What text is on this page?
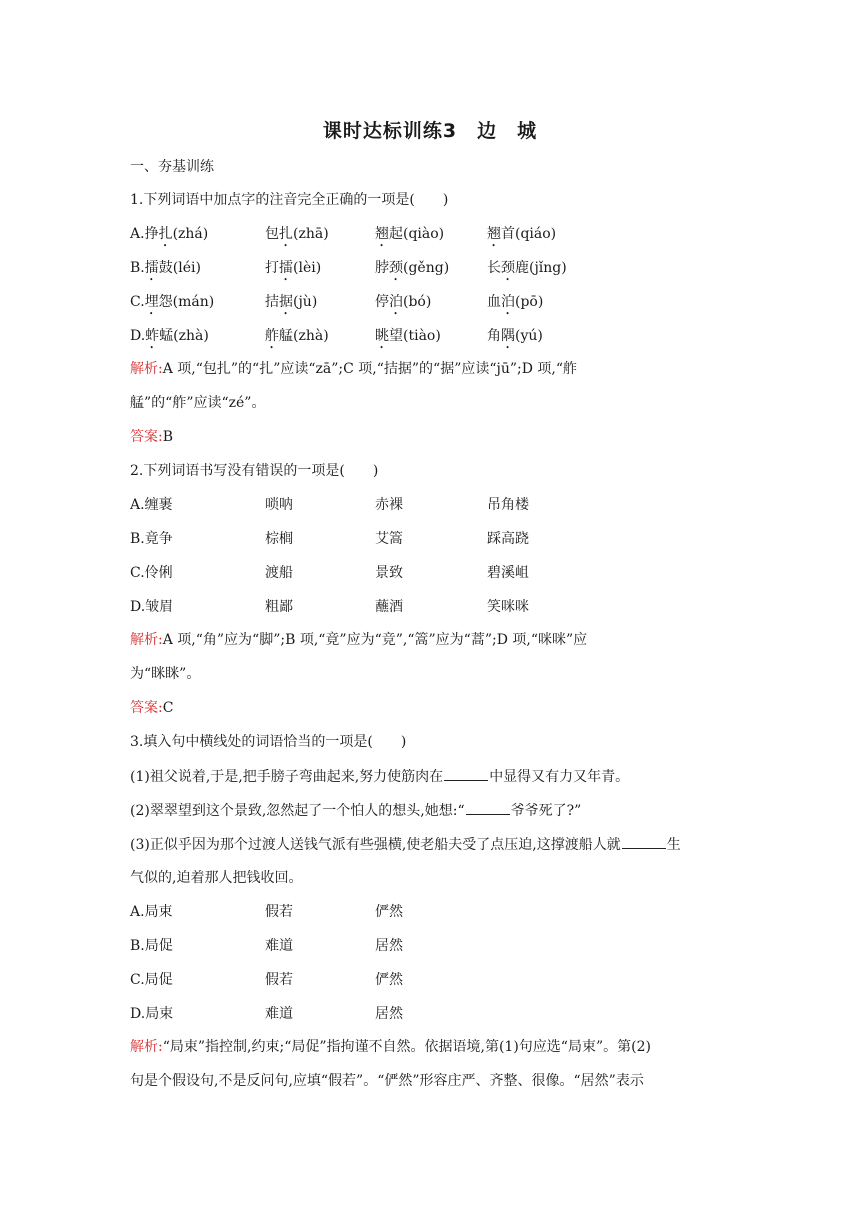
课时达标训练3　边　城
一、夯基训练
1.下列词语中加点字的注音完全正确的一项是(　　)
A.挣扎(zhá)	包扎(zhā)	翘起(qiào)	翘首(qiáo)
B.擂鼓(léi)	打擂(lèi)	脖颈(gěng)	长颈鹿(jǐng)
C.埋怨(mán)	拮据(jù)	停泊(bó)	血泊(pō)
D.蚱蜢(zhà)	舴艋(zhà)	眺望(tiào)	角隅(yú)
解析:A 项,“包扎”的“扎”应读“zā”;C 项,“拮据”的“据”应读“jū”;D 项,“舴
艋”的“舴”应读“zé”。
答案:B
2.下列词语书写没有错误的一项是(　　)
A.缠裹	唢呐	赤裸	吊角楼
B.竟争	棕榈	艾篙	踩高跷
C.伶俐	渡船	景致	碧溪岨
D.皱眉	粗鄙	蘸酒	笑咪咪
解析:A 项,“角”应为“脚”;B 项,“竟”应为“竞”,“篙”应为“蒿”;D 项,“咪咪”应
为“眯眯”。
答案:C
3.填入句中横线处的词语恰当的一项是(　　)
(1)祖父说着,于是,把手膀子弯曲起来,努力使筋肉在	中显得又有力又年青。
(2)翠翠望到这个景致,忽然起了一个怕人的想头,她想:“	爷爷死了?”
(3)正似乎因为那个过渡人送钱气派有些强横,使老船夫受了点压迫,这撑渡船人就	生
气似的,迫着那人把钱收回。
A.局束	假若	俨然
B.局促	难道	居然
C.局促	假若	俨然
D.局束	难道	居然
解析:“局束”指控制,约束;“局促”指拘谨不自然。依据语境,第(1)句应选“局束”。第(2)
句是个假设句,不是反问句,应填“假若”。“俨然”形容庄严、齐整、很像。“居然”表示
